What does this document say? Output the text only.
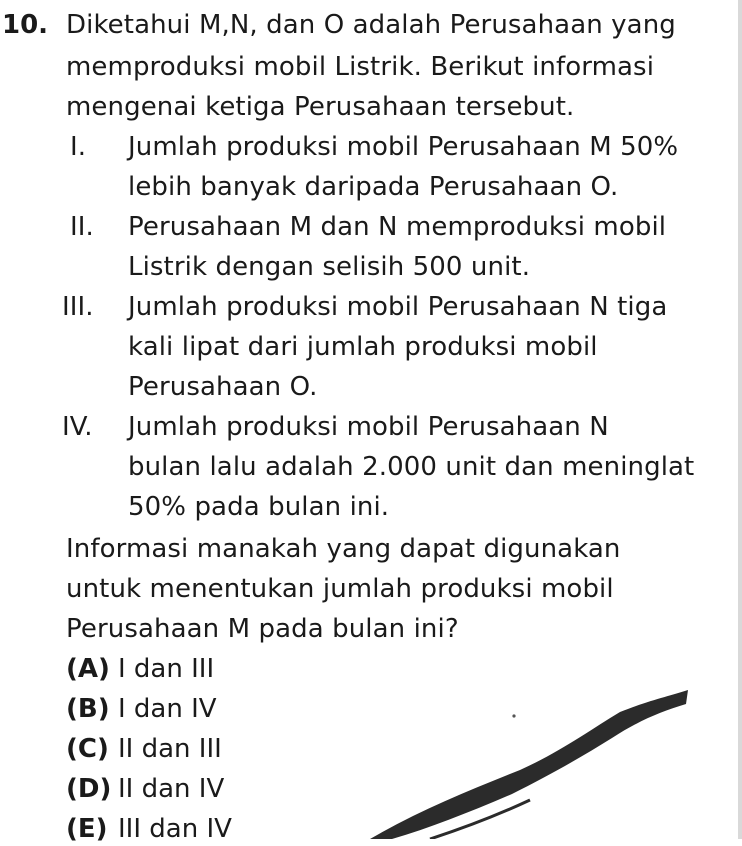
10. Diketahui M,N, dan O adalah Perusahaan yang
memproduksi mobil Listrik. Berikut informasi
mengenai ketiga Perusahaan tersebut.
I. Jumlah produksi mobil Perusahaan M 50%
lebih banyak daripada Perusahaan O.
II. Perusahaan M dan N memproduksi mobil
Listrik dengan selisih 500 unit.
III. Jumlah produksi mobil Perusahaan N tiga
kali lipat dari jumlah produksi mobil
Perusahaan O.
IV. Jumlah produksi mobil Perusahaan N
bulan lalu adalah 2.000 unit dan meninglat
50% pada bulan ini.
Informasi manakah yang dapat digunakan
untuk menentukan jumlah produksi mobil
Perusahaan M pada bulan ini?
(A) I dan III
(B) I dan IV
(C) II dan III
(D) II dan IV
(E) III dan IV
